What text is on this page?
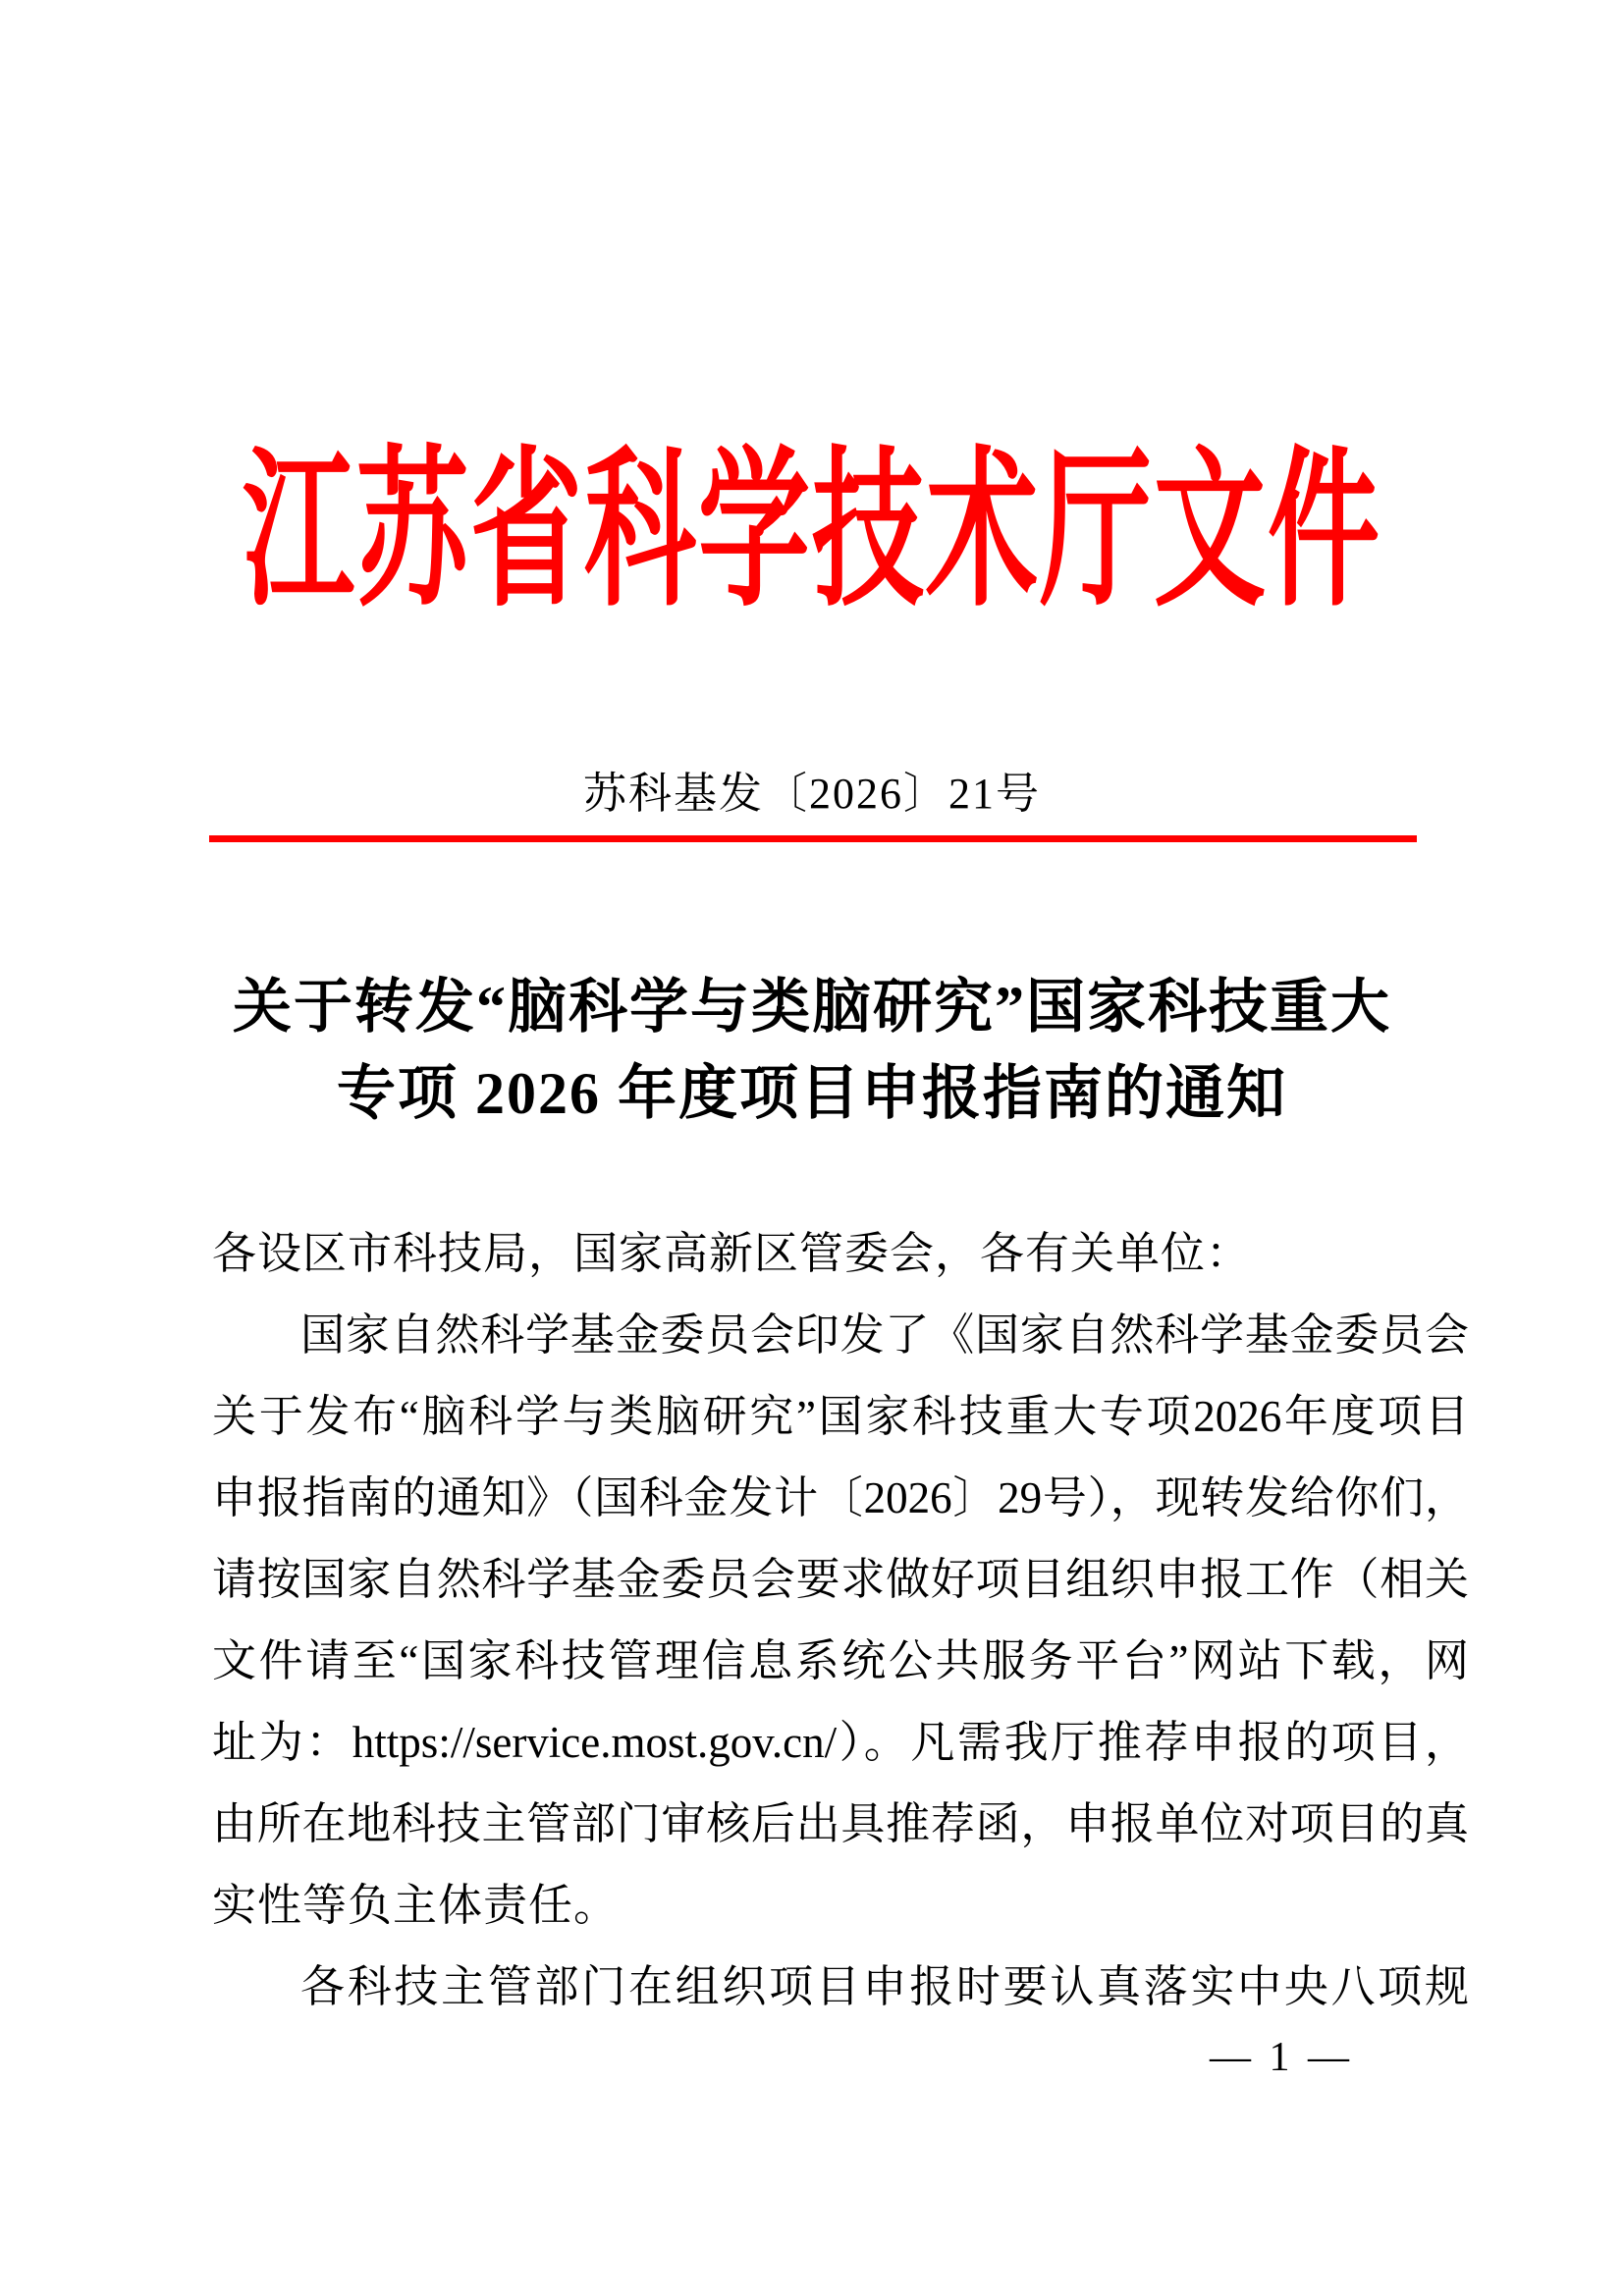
江苏省科学技术厅文件
苏科基发〔2026〕21号
关于转发“脑科学与类脑研究”国家科技重大
专项 2026 年度项目申报指南的通知
各设区市科技局，国家高新区管委会，各有关单位：
国家自然科学基金委员会印发了《国家自然科学基金委员会
关于发布“脑科学与类脑研究”国家科技重大专项2026年度项目
申报指南的通知》（国科金发计〔2026〕29号），现转发给你们，
请按国家自然科学基金委员会要求做好项目组织申报工作（相关
文件请至“国家科技管理信息系统公共服务平台”网站下载，网
址为：https://service.most.gov.cn/）。凡需我厅推荐申报的项目，
由所在地科技主管部门审核后出具推荐函，申报单位对项目的真
实性等负主体责任。
各科技主管部门在组织项目申报时要认真落实中央八项规
— 1 —
